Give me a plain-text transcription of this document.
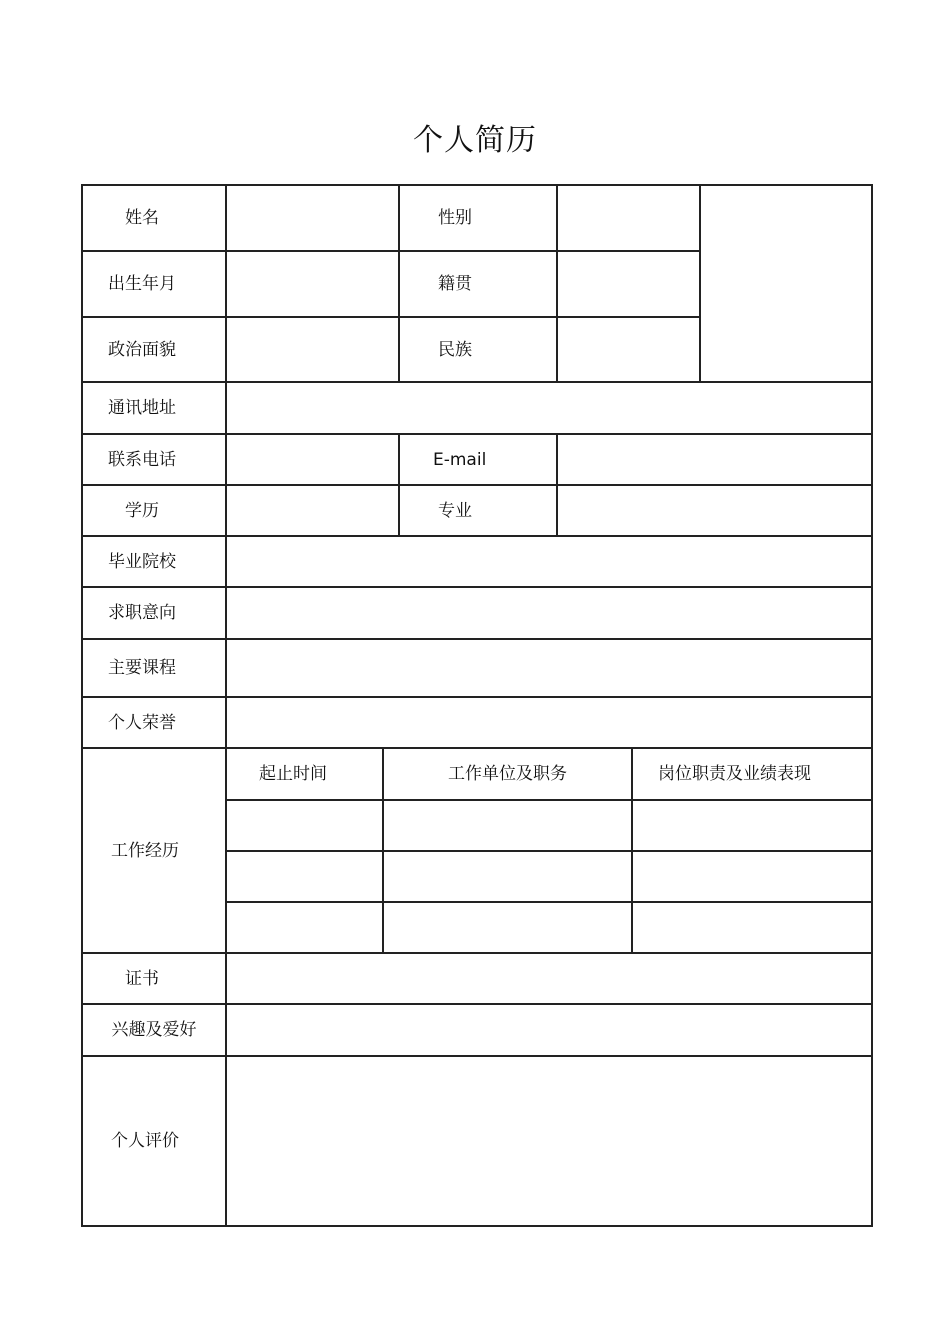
个人简历
姓名			性别			
出生年月			籍贯			
政治面貌			民族			
通讯地址						
联系电话			E-mail			
学历			专业			
毕业院校						
求职意向						
主要课程						
个人荣誉						
工作经历	起止时间	工作单位及职务			岗位职责及业绩表现	

证书						
兴趣及爱好						
个人评价						
